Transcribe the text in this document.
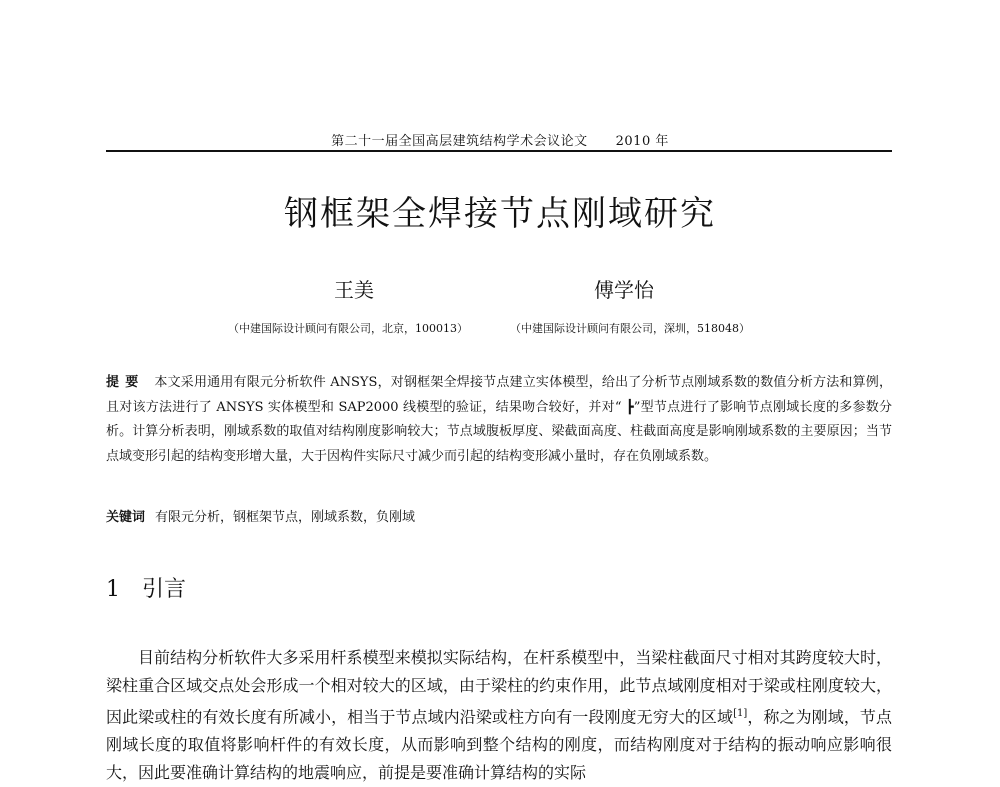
第二十一届全国高层建筑结构学术会议论文 2010 年
钢框架全焊接节点刚域研究
王美	傅学怡
（中建国际设计顾问有限公司，北京，100013）	（中建国际设计顾问有限公司，深圳，518048）
提要 本文采用通用有限元分析软件 ANSYS，对钢框架全焊接节点建立实体模型，给出了分析节点刚域系数的数值分析方法和算例，且对该方法进行了 ANSYS 实体模型和 SAP2000 线模型的验证，结果吻合较好，并对“ ┣”型节点进行了影响节点刚域长度的多参数分析。计算分析表明，刚域系数的取值对结构刚度影响较大；节点域腹板厚度、梁截面高度、柱截面高度是影响刚域系数的主要原因；当节点域变形引起的结构变形增大量，大于因构件实际尺寸减少而引起的结构变形减小量时，存在负刚域系数。
关键词 有限元分析，钢框架节点，刚域系数，负刚域
1 引言

目前结构分析软件大多采用杆系模型来模拟实际结构，在杆系模型中，当梁柱截面尺寸相对其跨度较大时，梁柱重合区域交点处会形成一个相对较大的区域，由于梁柱的约束作用，此节点域刚度相对于梁或柱刚度较大，因此梁或柱的有效长度有所减小，相当于节点域内沿梁或柱方向有一段刚度无穷大的区域[1]，称之为刚域，节点刚域长度的取值将影响杆件的有效长度，从而影响到整个结构的刚度，而结构刚度对于结构的振动响应影响很大，因此要准确计算结构的地震响应，前提是要准确计算结构的实际
